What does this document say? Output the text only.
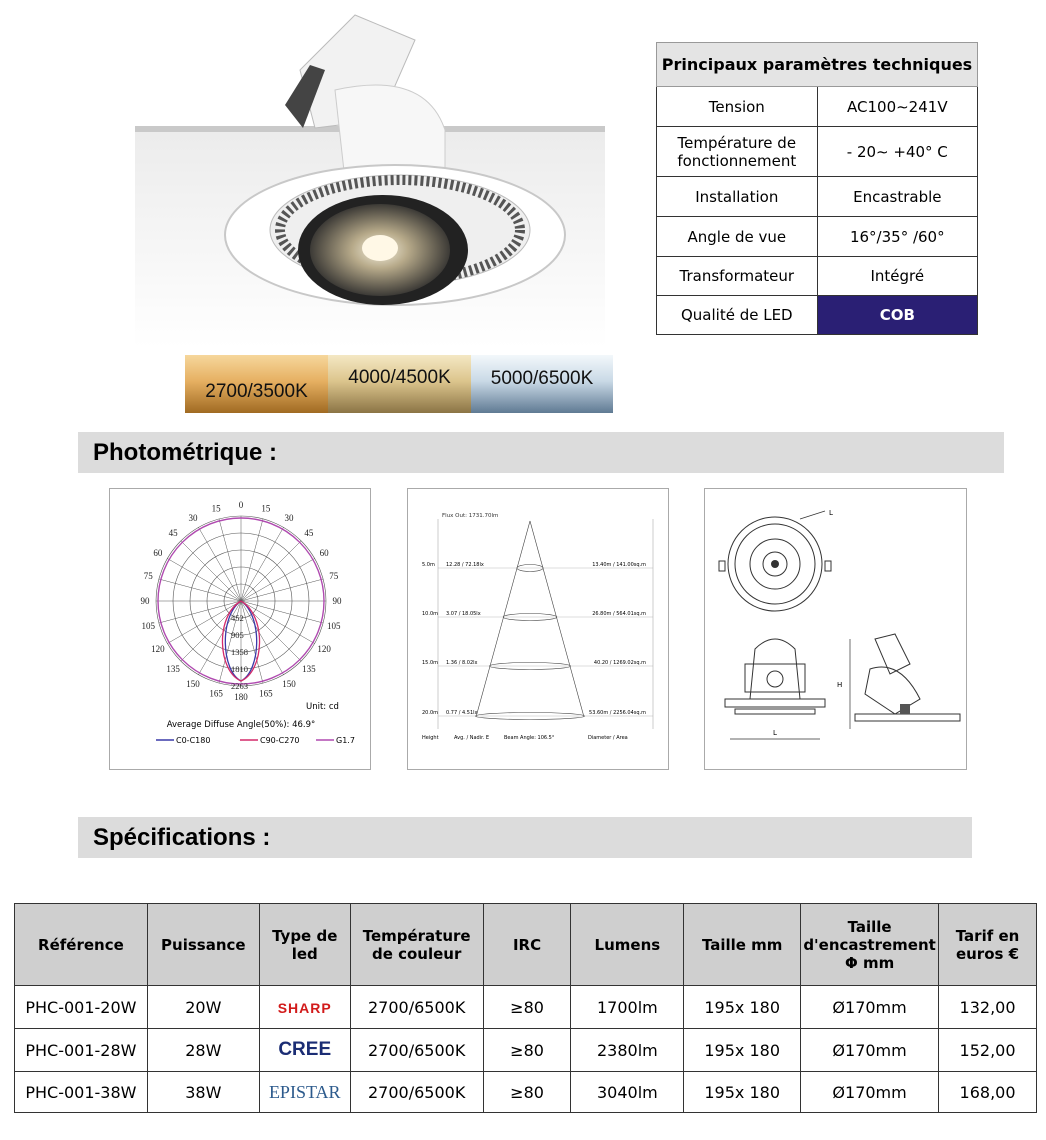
2700/3500K
4000/4500K	5000/6500K
Principaux paramètres techniques	
Tension	AC100∼241V
Température de fonctionnement	- 20∼ +40° C
Installation	Encastrable
Angle de vue	16°/35° /60°
Transformateur	Intégré
Qualité de LED	COB
Photométrique :
180 165
165
150
150
135
135
120
120
105
105
90
90
75
75
60
60
45
45
30
30
15
15 0
452
905
1358
1810
2263
Unit: cd
Average Diffuse Angle(50%): 46.9°
C0-C180	C90-C270	G1.7
Flux Out: 1731.70lm
5.0m 12.28 / 72.18lx	13.40m / 141.00sq.m
10.0m 3.07 / 18.05lx	26.80m / 564.01sq.m
15.0m 1.36 / 8.02lx	40.20 / 1269.02sq.m
20.0m 0.77 / 4.51lx	53.60m / 2256.04sq.m
Height	Avg. / Nadir. E	Beam Angle: 106.5°	Diameter / Area
L
L
H
Spécifications :
Référence	Puissance	Type de led	Température de couleur	IRC	Lumens	Taille mm	Taille d'encastrement Φ mm	Tarif en euros €
PHC-001-20W	20W	SHARP	2700/6500K	≥80	1700lm	195x 180	Ø170mm	132,00
PHC-001-28W	28W	CREE	2700/6500K	≥80	2380lm	195x 180	Ø170mm	152,00
PHC-001-38W	38W	EPISTAR	2700/6500K	≥80	3040lm	195x 180	Ø170mm	168,00
